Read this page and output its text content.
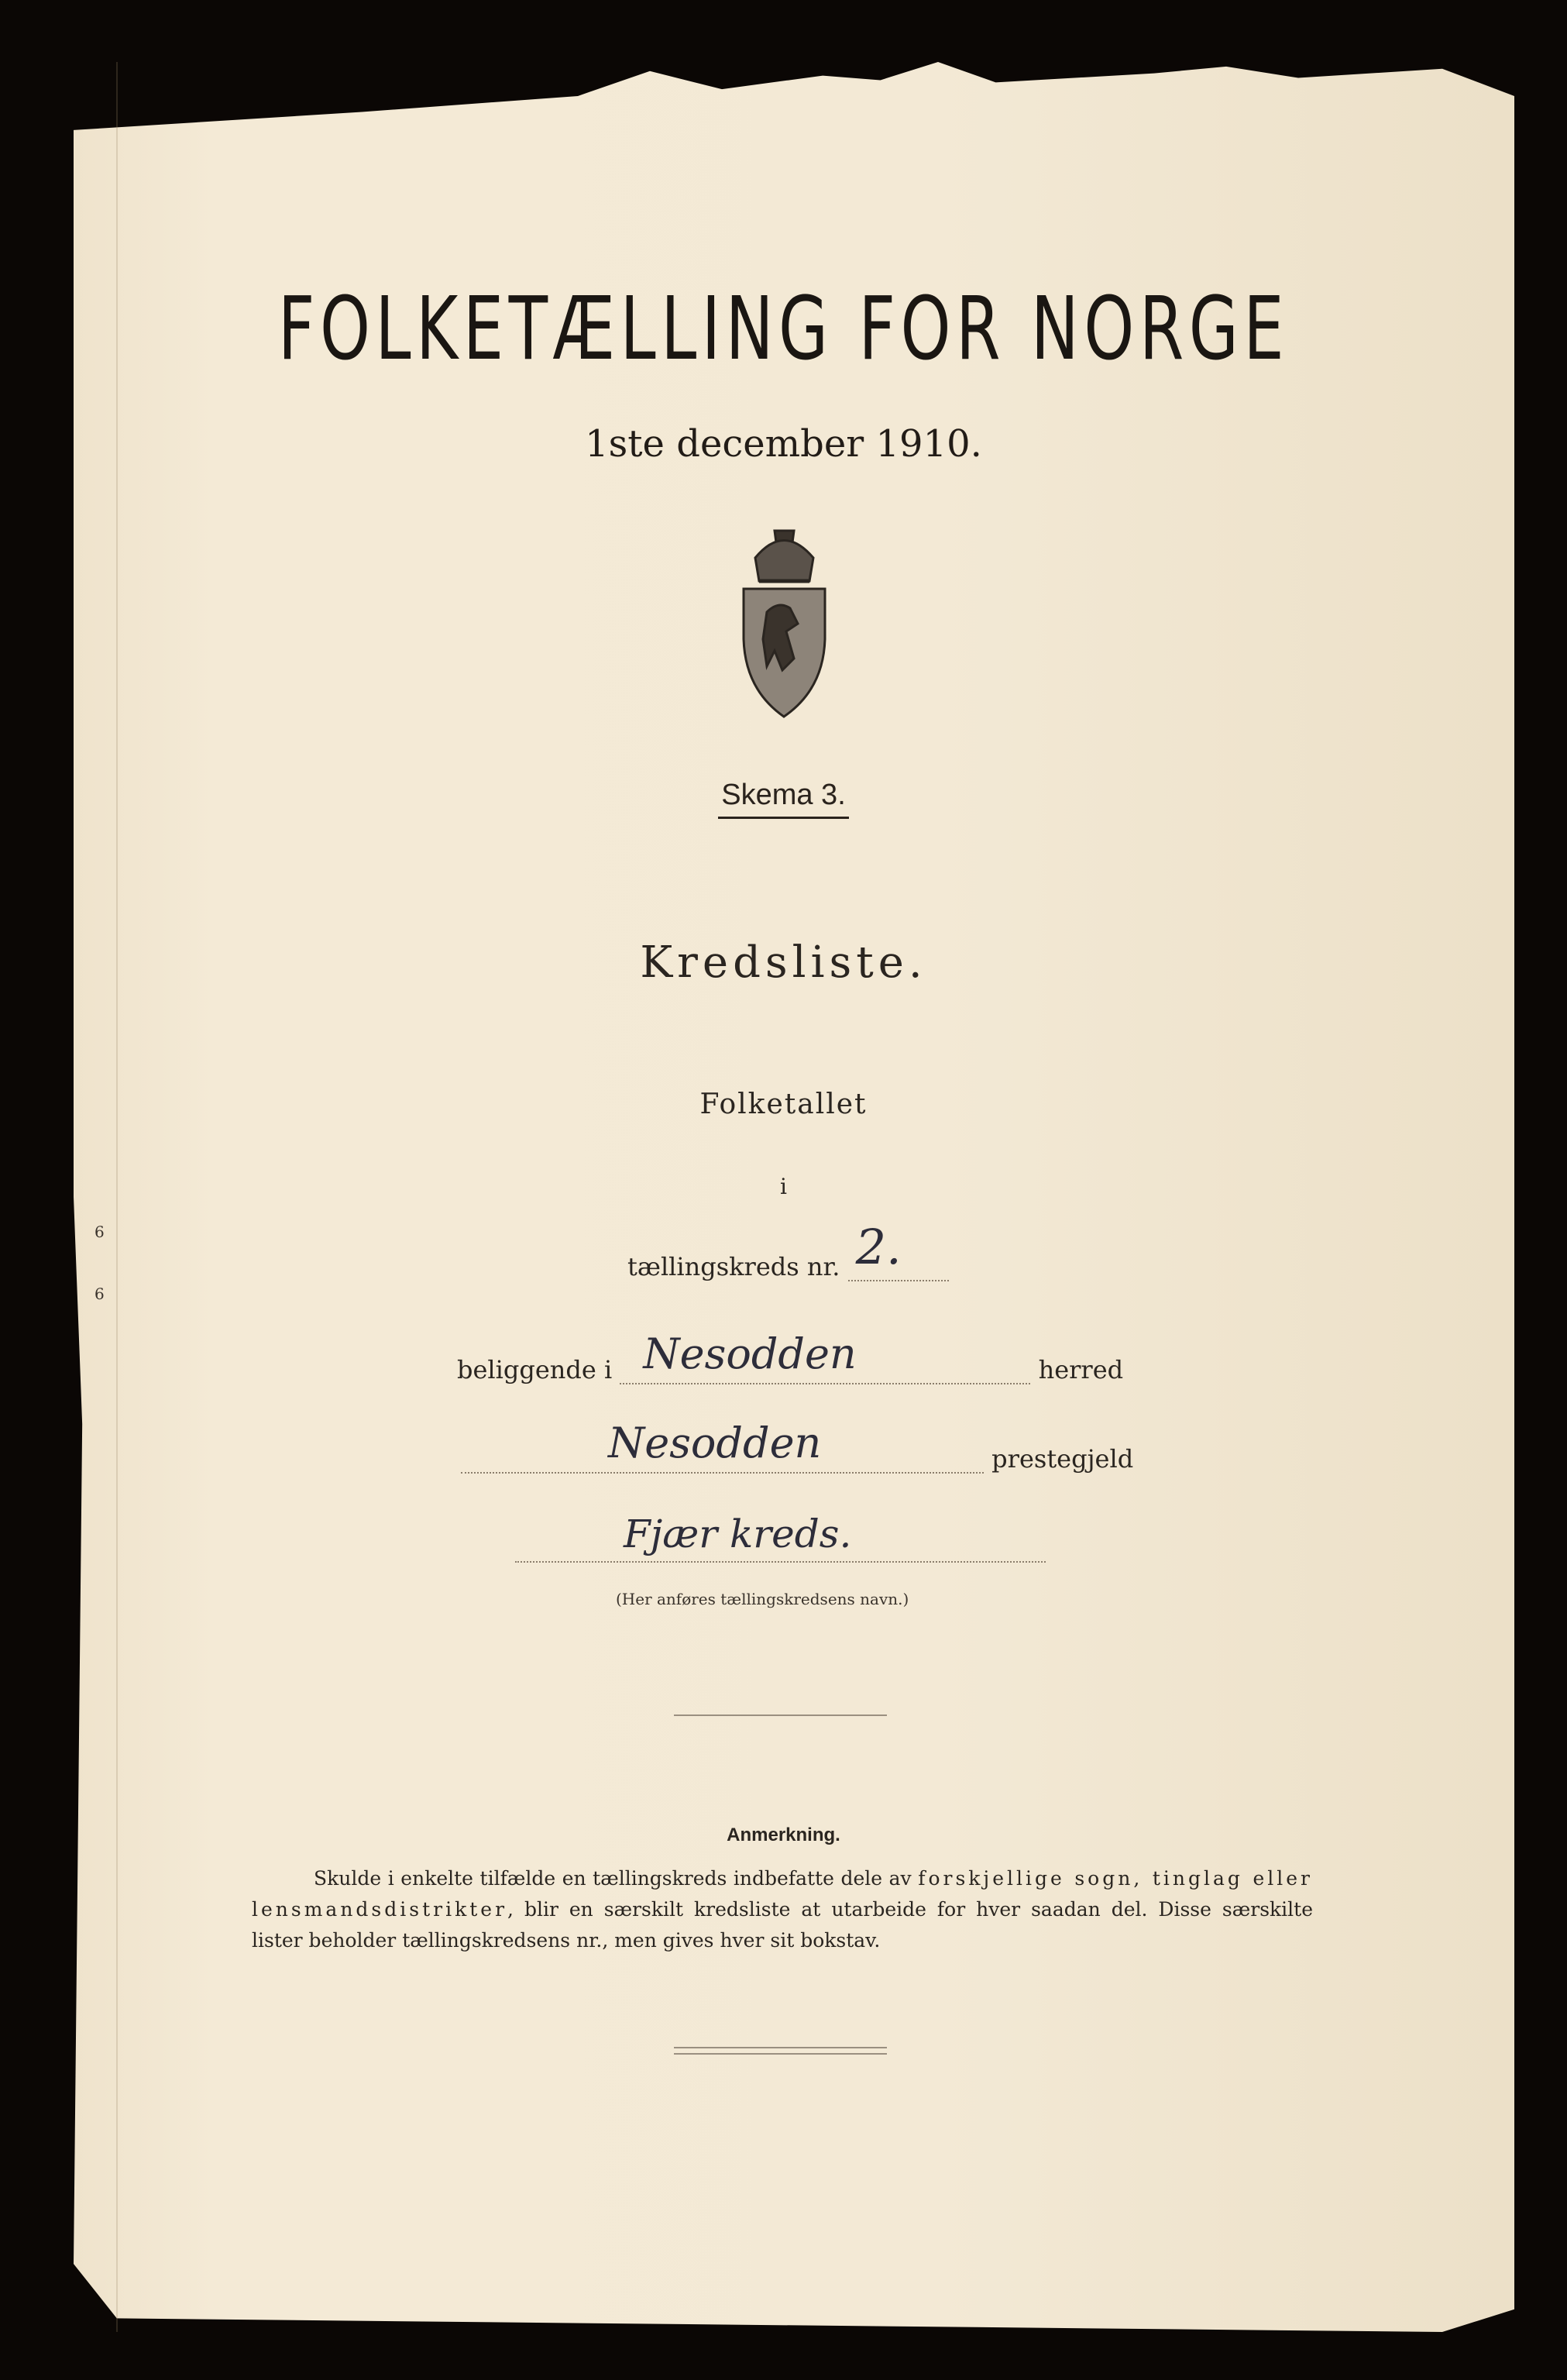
6
6
FOLKETÆLLING FOR NORGE
1ste december 1910.
Skema 3.
Kredsliste.
Folketallet
i
tællingskreds nr. 2.
beliggende i Nesodden	herred
Nesodden	prestegjeld
Fjær kreds.
(Her anføres tællingskredsens navn.)
Anmerkning.
Skulde i enkelte tilfælde en tællingskreds indbefatte dele av forskjellige sogn, tinglag eller lensmandsdistrikter, blir en særskilt kredsliste at utarbeide for hver saadan del. Disse særskilte lister beholder tællingskredsens nr., men gives hver sit bokstav.
